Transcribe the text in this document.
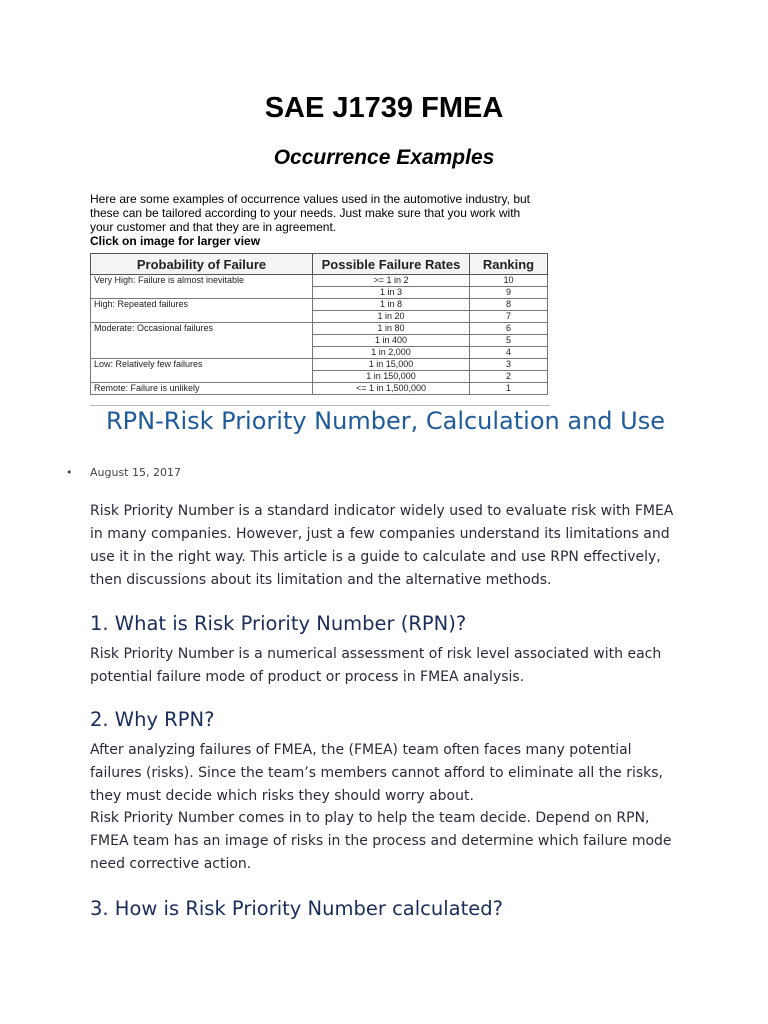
SAE J1739 FMEA
Occurrence Examples
Here are some examples of occurrence values used in the automotive industry, but these can be tailored according to your needs. Just make sure that you work with your customer and that they are in agreement.
Click on image for larger view
Probability of Failure	Possible Failure Rates	Ranking
Very High: Failure is almost inevitable	>= 1 in 2	10
	1 in 3	9
High: Repeated failures	1 in 8	8
	1 in 20	7
Moderate: Occasional failures	1 in 80	6
	1 in 400	5
	1 in 2,000	4
Low: Relatively few failures	1 in 15,000	3
	1 in 150,000	2
Remote: Failure is unlikely	<= 1 in 1,500,000	1
RPN-Risk Priority Number, Calculation and Use
• August 15, 2017

Risk Priority Number is a standard indicator widely used to evaluate risk with FMEA in many companies. However, just a few companies understand its limitations and use it in the right way. This article is a guide to calculate and use RPN effectively, then discussions about its limitation and the alternative methods.

1. What is Risk Priority Number (RPN)?

Risk Priority Number is a numerical assessment of risk level associated with each potential failure mode of product or process in FMEA analysis.

2. Why RPN?

After analyzing failures of FMEA, the (FMEA) team often faces many potential failures (risks). Since the team’s members cannot afford to eliminate all the risks, they must decide which risks they should worry about.

Risk Priority Number comes in to play to help the team decide. Depend on RPN, FMEA team has an image of risks in the process and determine which failure mode need corrective action.

3. How is Risk Priority Number calculated?
